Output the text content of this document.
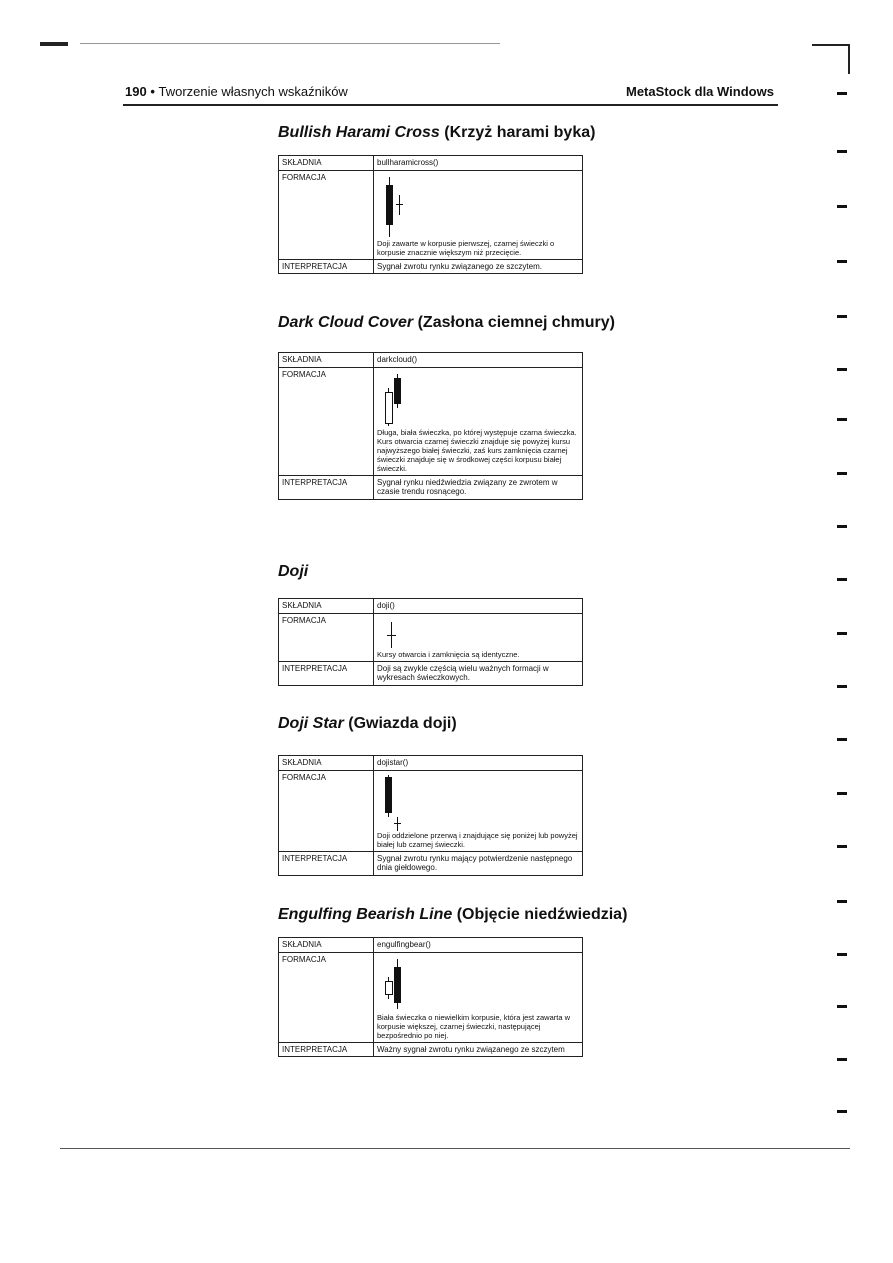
190 • Tworzenie własnych wskaźników	MetaStock dla Windows
Bullish Harami Cross (Krzyż harami byka)
SKŁADNIA	bullharamicross()
FORMACJA	Doji zawarte w korpusie pierwszej, czarnej świeczki o korpusie znacznie większym niż przecięcie.

INTERPRETACJA	Sygnał zwrotu rynku związanego ze szczytem.
Dark Cloud Cover (Zasłona ciemnej chmury)
SKŁADNIA	darkcloud()
FORMACJA	Długa, biała świeczka, po której występuje czarna świeczka. Kurs otwarcia czarnej świeczki znajduje się powyżej kursu najwyższego białej świeczki, zaś kurs zamknięcia czarnej świeczki znajduje się w środkowej części korpusu białej świeczki.

INTERPRETACJA	Sygnał rynku niedźwiedzia związany ze zwrotem w czasie trendu rosnącego.
Doji
SKŁADNIA	doji()
FORMACJA	Kursy otwarcia i zamknięcia są identyczne.

INTERPRETACJA	Doji są zwykle częścią wielu ważnych formacji w wykresach świeczkowych.
Doji Star (Gwiazda doji)
SKŁADNIA	dojistar()
FORMACJA	Doji oddzielone przerwą i znajdujące się poniżej lub powyżej białej lub czarnej świeczki.

INTERPRETACJA	Sygnał zwrotu rynku mający potwierdzenie następnego dnia giełdowego.
Engulfing Bearish Line (Objęcie niedźwiedzia)
SKŁADNIA	engulfingbear()
FORMACJA	Biała świeczka o niewielkim korpusie, która jest zawarta w korpusie większej, czarnej świeczki, następującej bezpośrednio po niej.

INTERPRETACJA	Ważny sygnał zwrotu rynku związanego ze szczytem
